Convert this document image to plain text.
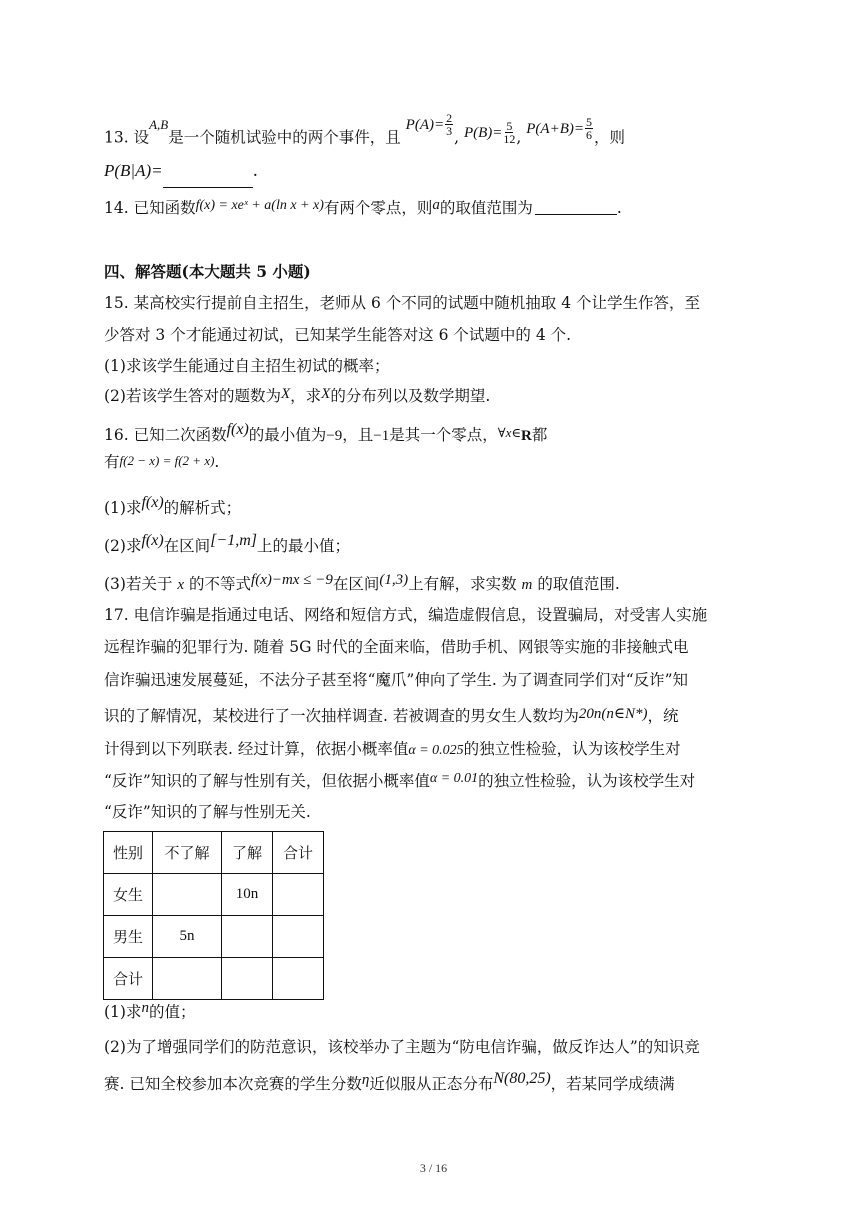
13. 设$^{A,B}$是一个随机试验中的两个事件，且 $P(A)= \frac{2}{3}$
, $P(B)= \frac{5}{12}$ , $P(A+B)= \frac{5}{6}$ ，则
P(B|A)=	.
14. 已知函数f(x) = xeˣ + a(ln x + x)有两个零点，则a的取值范围为	.
四、解答题(本大题共 5 小题)
15. 某高校实行提前自主招生，老师从 6 个不同的试题中随机抽取 4 个让学生作答，至
少答对 3 个才能通过初试，已知某学生能答对这 6 个试题中的 4 个.
(1)求该学生能通过自主招生初试的概率；
(2)若该学生答对的题数为X，求X的分布列以及数学期望.
16. 已知二次函数f(x)的最小值为−9，且−1是其一个零点，∀x∈R都
有f(2 − x) = f(2 + x).
(1)求f(x)的解析式；
(2)求f(x)在区间[−1,m]上的最小值；
(3)若关于 x 的不等式f(x)−mx ≤ −9在区间(1,3)上有解，求实数 m 的取值范围.
17. 电信诈骗是指通过电话、网络和短信方式，编造虚假信息，设置骗局，对受害人实施
远程诈骗的犯罪行为. 随着 5G 时代的全面来临，借助手机、网银等实施的非接触式电
信诈骗迅速发展蔓延，不法分子甚至将“魔爪”伸向了学生. 为了调查同学们对“反诈”知
识的了解情况，某校进行了一次抽样调查. 若被调查的男女生人数均为20n(n∈N*)，统
计得到以下列联表. 经过计算，依据小概率值α = 0.025的独立性检验，认为该校学生对
“反诈”知识的了解与性别有关，但依据小概率值α = 0.01的独立性检验，认为该校学生对
“反诈”知识的了解与性别无关.
性别	不了解	了解	合计
女生		10n	
男生	5n		
合计			
(1)求n的值；
(2)为了增强同学们的防范意识，该校举办了主题为“防电信诈骗，做反诈达人”的知识竞
赛. 已知全校参加本次竞赛的学生分数η近似服从正态分布N(80,25)，若某同学成绩满
3 / 16
